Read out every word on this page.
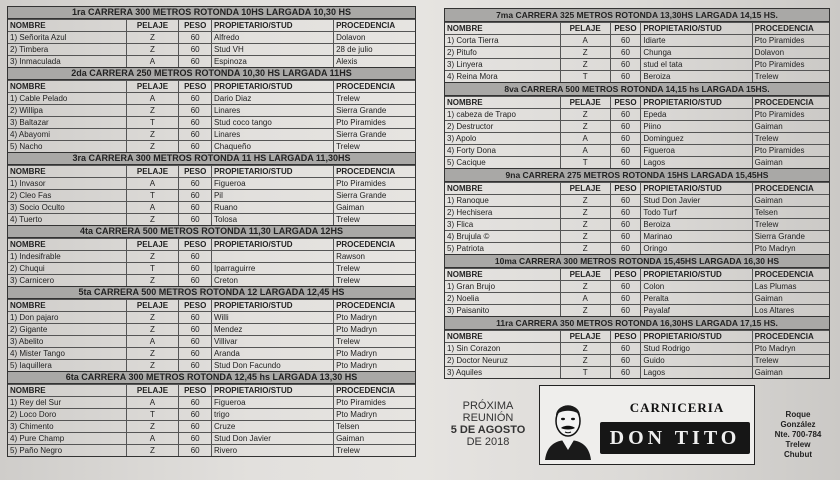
1ra CARRERA 300 METROS ROTONDA 10HS LARGADA 10,30 HS
NOMBRE	PELAJE	PESO	PROPIETARIO/STUD	PROCEDENCIA
1) Señorita Azul	Z	60	Alfredo	Dolavon
2) Timbera	Z	60	Stud VH	28 de julio
3) Inmaculada	A	60	Espinoza	Alexis
2da CARRERA 250 METROS ROTONDA 10,30 HS LARGADA 11HS
NOMBRE	PELAJE	PESO	PROPIETARIO/STUD	PROCEDENCIA
1) Cable Pelado	A	60	Dario Diaz	Trelew
2) Willipa	Z	60	Linares	Sierra Grande
3) Baltazar	T	60	Stud coco tango	Pto Piramides
4) Abayomi	Z	60	Linares	Sierra Grande
5) Nacho	Z	60	Chaqueño	Trelew
3ra CARRERA 300 METROS ROTONDA 11 HS LARGADA 11,30HS
NOMBRE	PELAJE	PESO	PROPIETARIO/STUD	PROCEDENCIA
1) Invasor	A	60	Figueroa	Pto Piramides
2) Cleo Fas	T	60	Pil	Sierra Grande
3) Socio Oculto	A	60	Ruano	Gaiman
4) Tuerto	Z	60	Tolosa	Trelew
4ta CARRERA 500 METROS ROTONDA 11,30 LARGADA 12HS
NOMBRE	PELAJE	PESO	PROPIETARIO/STUD	PROCEDENCIA
1) Indesifrable	Z	60		Rawson
2) Chuqui	T	60	Iparraguirre	Trelew
3) Carnicero	Z	60	Creton	Trelew
5ta CARRERA 500 METROS ROTONDA 12 LARGADA 12,45 HS
NOMBRE	PELAJE	PESO	PROPIETARIO/STUD	PROCEDENCIA
1) Don pajaro	Z	60	Willi	Pto Madryn
2) Gigante	Z	60	Mendez	Pto Madryn
3) Abelito	A	60	Villivar	Trelew
4) Mister Tango	Z	60	Aranda	Pto Madryn
5) Iaquillera	Z	60	Stud Don Facundo	Pto Madryn
6ta CARRERA 300 METROS ROTONDA 12,45 hs LARGADA 13,30 HS
NOMBRE	PELAJE	PESO	PROPIETARIO/STUD	PROCEDENCIA
1) Rey del Sur	A	60	Figueroa	Pto Piramides
2) Loco Doro	T	60	trigo	Pto Madryn
3) Chimento	Z	60	Cruze	Telsen
4) Pure Champ	A	60	Stud Don Javier	Gaiman
5) Paño Negro	Z	60	Rivero	Trelew
7ma CARRERA 325 METROS ROTONDA 13,30HS LARGADA 14,15 HS.
NOMBRE	PELAJE	PESO	PROPIETARIO/STUD	PROCEDENCIA
1) Corta Tierra	A	60	Idiarte	Pto Piramides
2) Pitufo	Z	60	Chunga	Dolavon
3) Linyera	Z	60	stud el tata	Pto Piramides
4) Reina Mora	T	60	Beroiza	Trelew
8va CARRERA 500 METROS ROTONDA 14,15 hs LARGADA 15HS.
NOMBRE	PELAJE	PESO	PROPIETARIO/STUD	PROCEDENCIA
1) cabeza de Trapo	Z	60	Epeda	Pto Piramides
2) Destructor	Z	60	Piino	Gaiman
3) Apolo	A	60	Dominguez	Trelew
4) Forty Dona	A	60	Figueroa	Pto Piramides
5) Cacique	T	60	Lagos	Gaiman
9na CARRERA 275 METROS ROTONDA 15HS LARGADA 15,45HS
NOMBRE	PELAJE	PESO	PROPIETARIO/STUD	PROCEDENCIA
1) Ranoque	Z	60	Stud Don Javier	Gaiman
2) Hechisera	Z	60	Todo Turf	Telsen
3) Flica	Z	60	Beroiza	Trelew
4) Brujula ©	Z	60	Marinao	Sierra Grande
5) Patriota	Z	60	Oringo	Pto Madryn
10ma CARRERA 300 METROS ROTONDA 15,45HS LARGADA 16,30 HS
NOMBRE	PELAJE	PESO	PROPIETARIO/STUD	PROCEDENCIA
1) Gran Brujo	Z	60	Colon	Las Plumas
2) Noelia	A	60	Peralta	Gaiman
3) Paisanito	Z	60	Payalaf	Los Altares
11ra CARRERA 350 METROS ROTONDA 16,30HS LARGADA 17,15 HS.
NOMBRE	PELAJE	PESO	PROPIETARIO/STUD	PROCEDENCIA
1) Sin Corazon	Z	60	Stud Rodrigo	Pto Madryn
2) Doctor Neuruz	Z	60	Guido	Trelew
3) Aquiles	T	60	Lagos	Gaiman
PRÓXIMA
REUNIÓN
5 DE AGOSTO
DE 2018
CARNICERIA
DON TITO
Roque
González
Nte. 700-784
Trelew
Chubut
